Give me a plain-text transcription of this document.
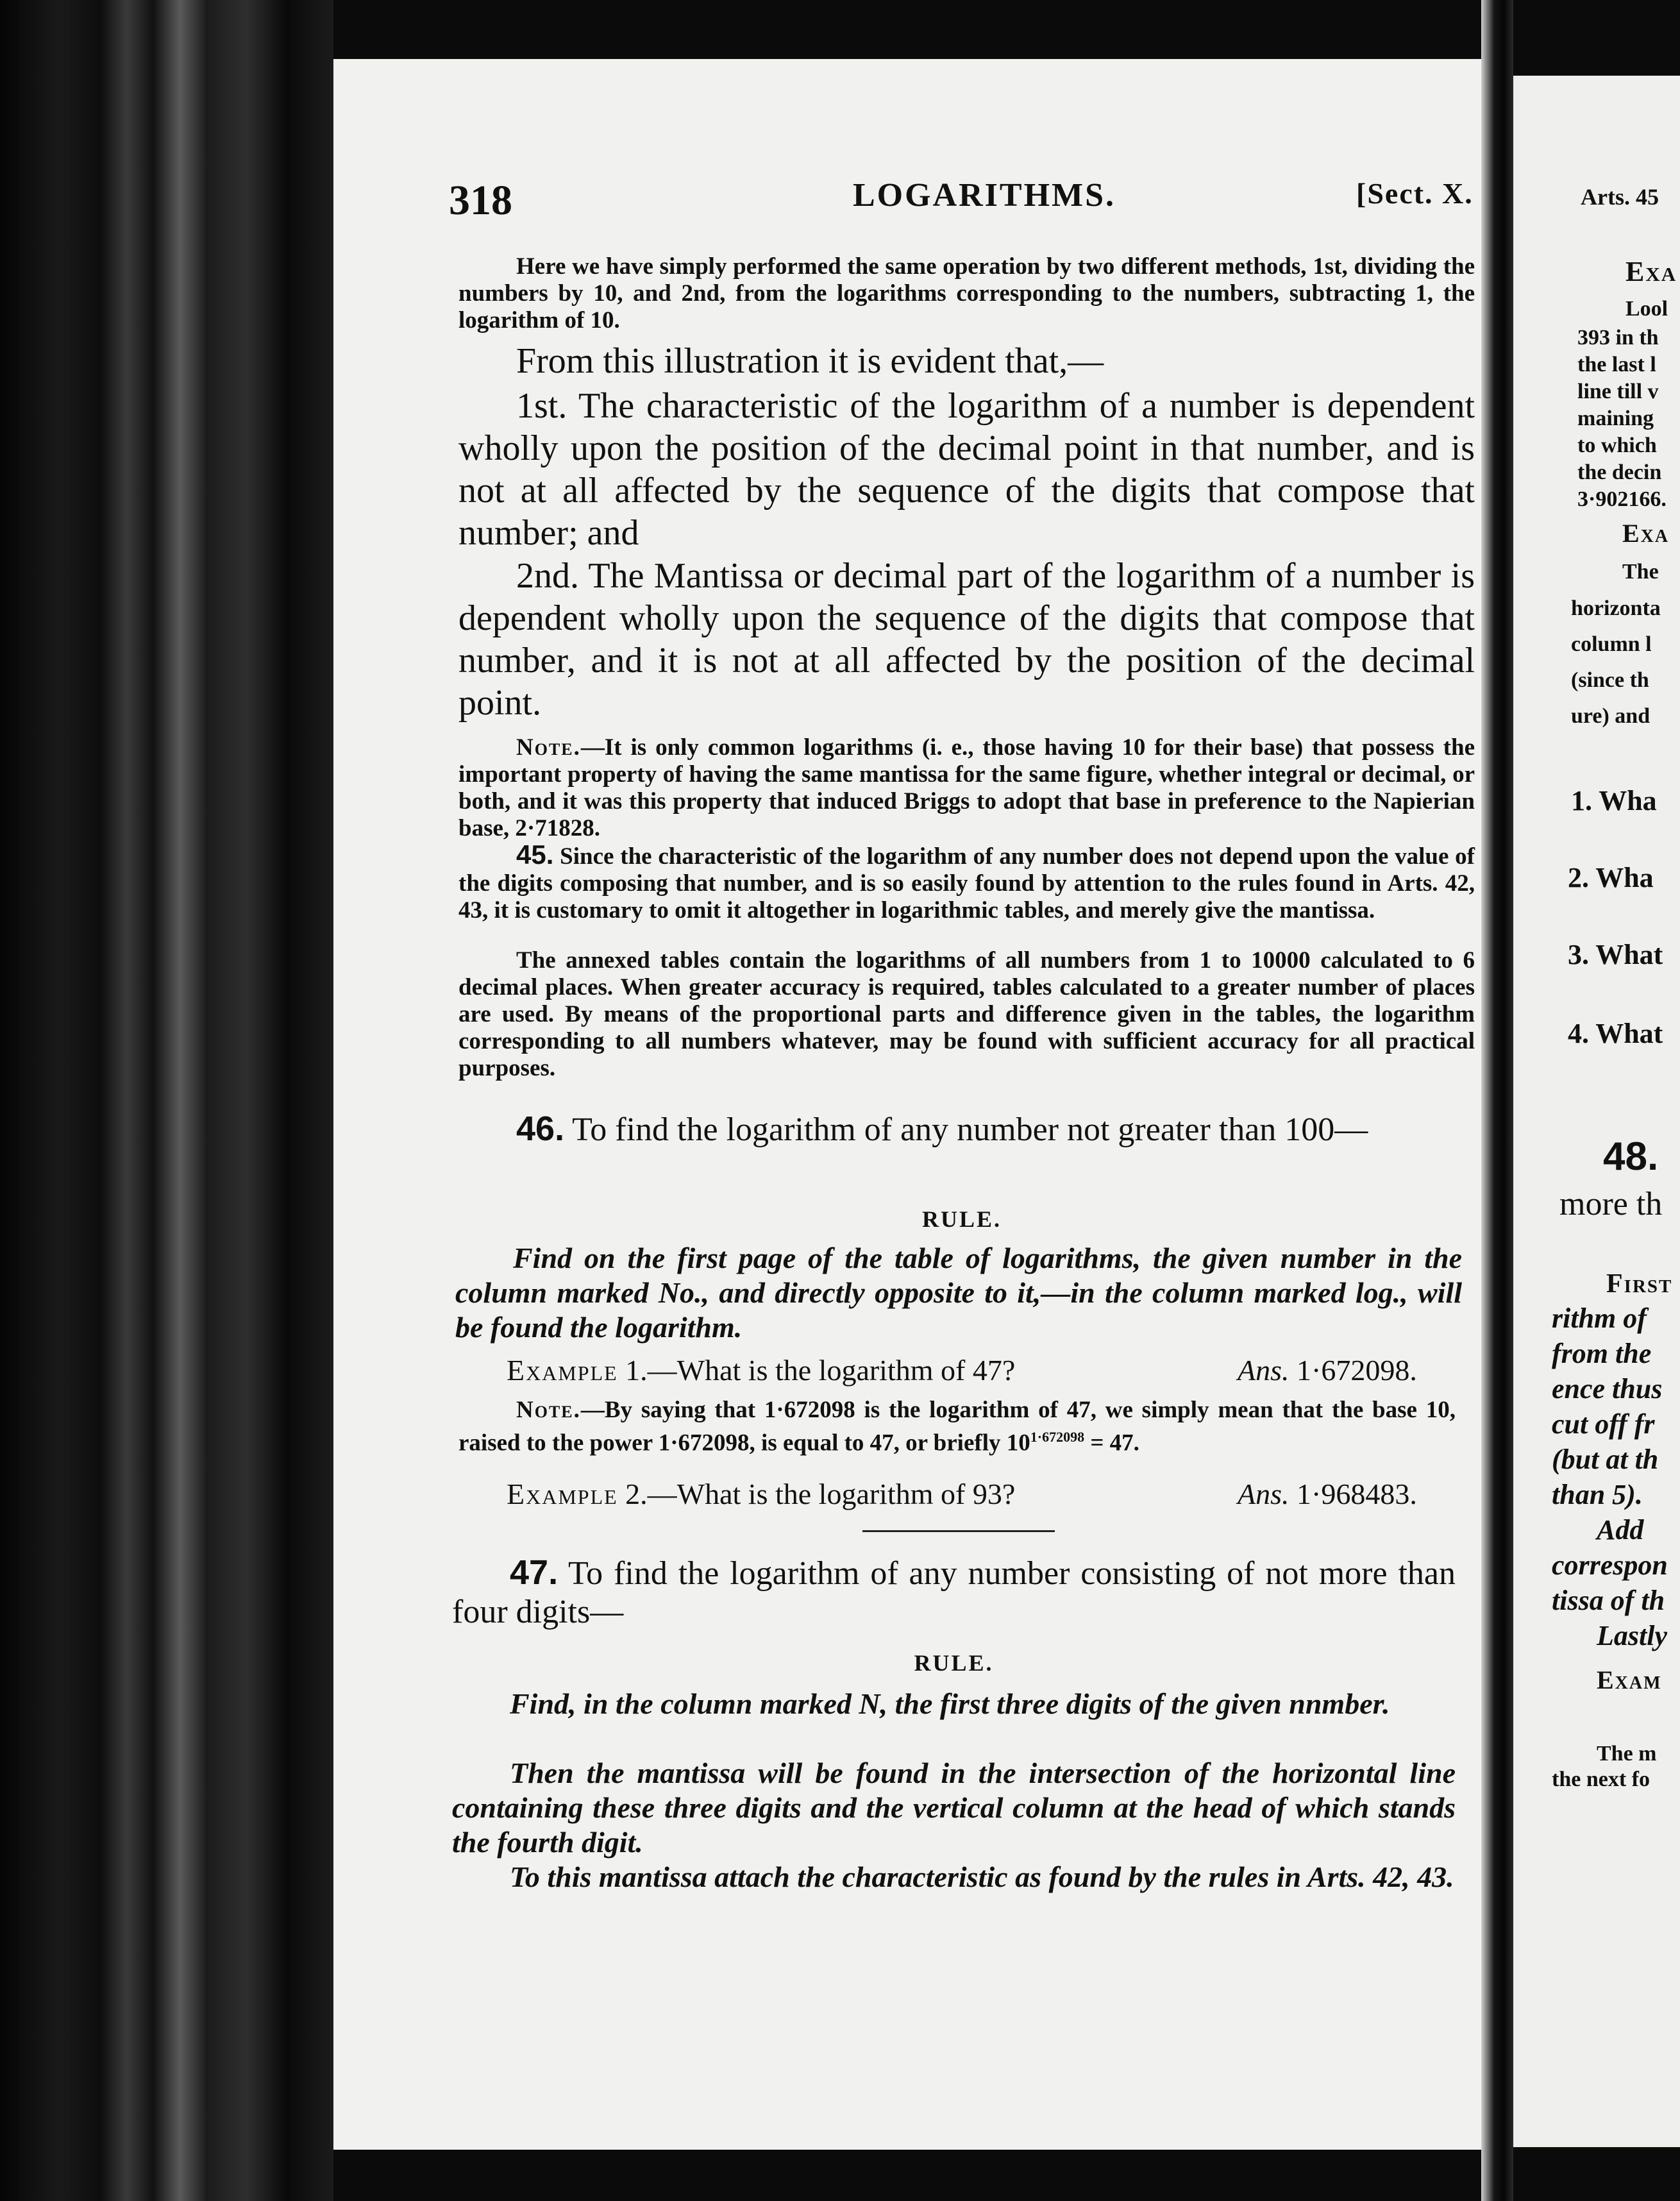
318	LOGARITHMS.	[Sect. X.
Here we have simply performed the same operation by two different methods, 1st, dividing the numbers by 10, and 2nd, from the logarithms corresponding to the numbers, subtracting 1, the logarithm of 10.
From this illustration it is evident that,—
1st. The characteristic of the logarithm of a number is dependent wholly upon the position of the decimal point in that number, and is not at all affected by the sequence of the digits that compose that number; and
2nd. The Mantissa or decimal part of the logarithm of a number is dependent wholly upon the sequence of the digits that compose that number, and it is not at all affected by the position of the decimal point.
Note.—It is only common logarithms (i. e., those having 10 for their base) that possess the important property of having the same mantissa for the same figure, whether integral or decimal, or both, and it was this property that induced Briggs to adopt that base in preference to the Napierian base, 2·71828.
45. Since the characteristic of the logarithm of any number does not depend upon the value of the digits composing that number, and is so easily found by attention to the rules found in Arts. 42, 43, it is customary to omit it altogether in logarithmic tables, and merely give the mantissa.
The annexed tables contain the logarithms of all numbers from 1 to 10000 calculated to 6 decimal places. When greater accuracy is required, tables calculated to a greater number of places are used. By means of the proportional parts and difference given in the tables, the logarithm corresponding to all numbers whatever, may be found with sufficient accuracy for all practical purposes.
46. To find the logarithm of any number not greater than 100—
RULE.
Find on the first page of the table of logarithms, the given number in the column marked No., and directly opposite to it,—in the column marked log., will be found the logarithm.
Example 1.—What is the logarithm of 47?	Ans. 1·672098.
Note.—By saying that 1·672098 is the logarithm of 47, we simply mean that the base 10, raised to the power 1·672098, is equal to 47, or briefly $10^{1\cdot 672098} = 47$.
Example 2.—What is the logarithm of 93?	Ans. 1·968483.
47. To find the logarithm of any number consisting of not more than four digits—
RULE.
Find, in the column marked N, the first three digits of the given nnmber.
Then the mantissa will be found in the intersection of the horizontal line containing these three digits and the vertical column at the head of which stands the fourth digit.
To this mantissa attach the characteristic as found by the rules in Arts. 42, 43.
Arts. 45
Exa
Lool
393 in th
the last l
line till v
maining
to which
the decin
3·902166.
Exa
The
horizonta
column l
(since th
ure) and
1. Wha
2. Wha
3. What
4. What
48.
more th
First
rithm of
from the
ence thus
cut off fr
(but at th
than 5).
Add
correspon
tissa of th
Lastly
Exam
The m
the next fo
